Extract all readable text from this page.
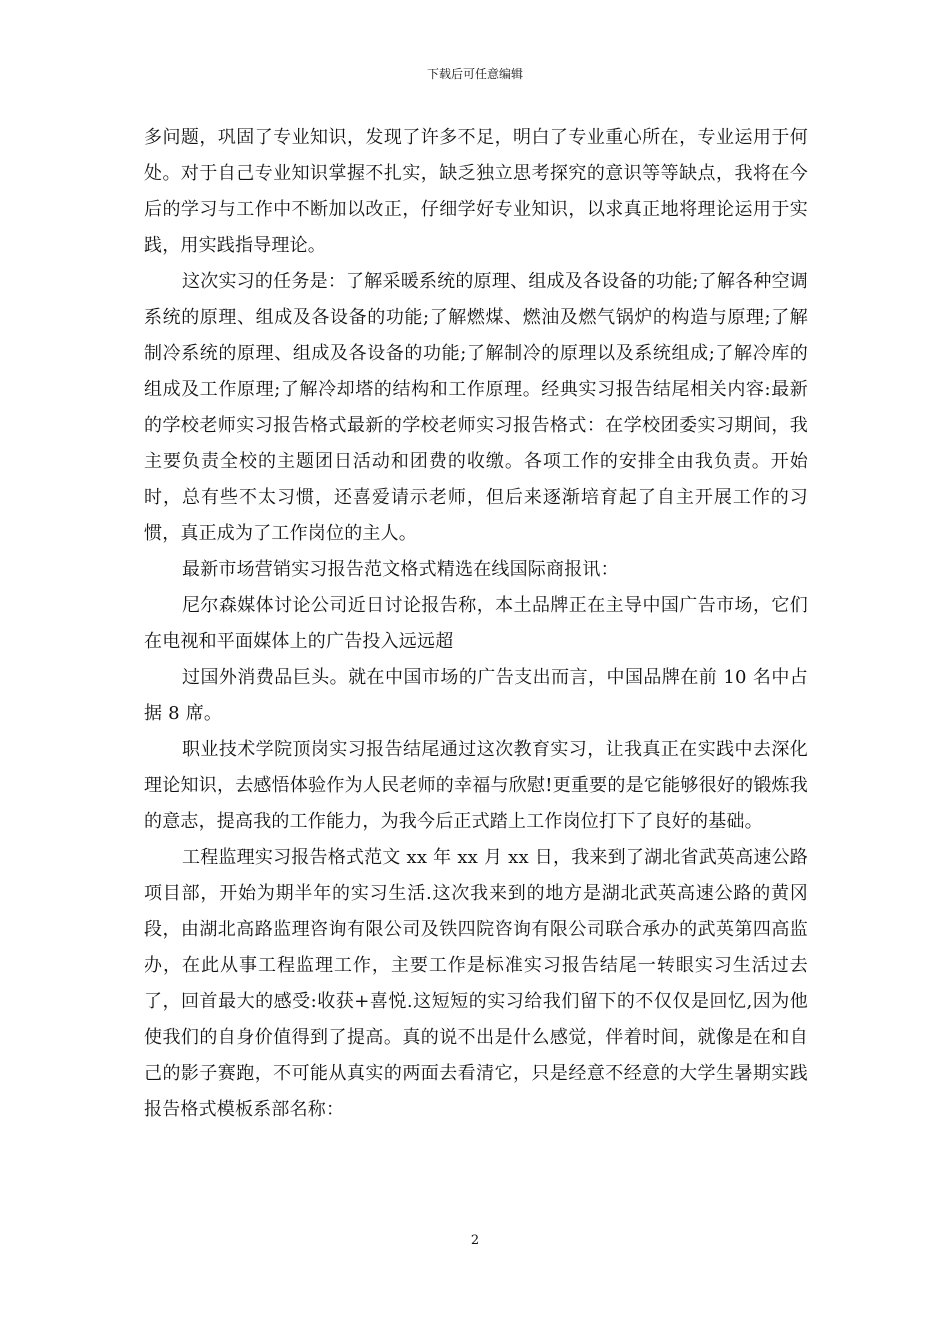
下载后可任意编辑

多问题，巩固了专业知识，发现了许多不足，明白了专业重心所在，专业运用于何处。对于自己专业知识掌握不扎实，缺乏独立思考探究的意识等等缺点，我将在今后的学习与工作中不断加以改正，仔细学好专业知识，以求真正地将理论运用于实践，用实践指导理论。

这次实习的任务是：了解采暖系统的原理、组成及各设备的功能;了解各种空调系统的原理、组成及各设备的功能;了解燃煤、燃油及燃气锅炉的构造与原理;了解制冷系统的原理、组成及各设备的功能;了解制冷的原理以及系统组成;了解冷库的组成及工作原理;了解冷却塔的结构和工作原理。经典实习报告结尾相关内容:最新的学校老师实习报告格式最新的学校老师实习报告格式：在学校团委实习期间，我主要负责全校的主题团日活动和团费的收缴。各项工作的安排全由我负责。开始时，总有些不太习惯，还喜爱请示老师，但后来逐渐培育起了自主开展工作的习惯，真正成为了工作岗位的主人。

最新市场营销实习报告范文格式精选在线国际商报讯：

尼尔森媒体讨论公司近日讨论报告称，本土品牌正在主导中国广告市场，它们在电视和平面媒体上的广告投入远远超

过国外消费品巨头。就在中国市场的广告支出而言，中国品牌在前 10 名中占据 8 席。

职业技术学院顶岗实习报告结尾通过这次教育实习，让我真正在实践中去深化理论知识，去感悟体验作为人民老师的幸福与欣慰!更重要的是它能够很好的锻炼我的意志，提高我的工作能力，为我今后正式踏上工作岗位打下了良好的基础。

工程监理实习报告格式范文 xx 年 xx 月 xx 日，我来到了湖北省武英高速公路项目部，开始为期半年的实习生活.这次我来到的地方是湖北武英高速公路的黄冈段，由湖北高路监理咨询有限公司及铁四院咨询有限公司联合承办的武英第四高监办，在此从事工程监理工作，主要工作是标准实习报告结尾一转眼实习生活过去了，回首最大的感受:收获+喜悦.这短短的实习给我们留下的不仅仅是回忆,因为他使我们的自身价值得到了提高。真的说不出是什么感觉，伴着时间，就像是在和自己的影子赛跑，不可能从真实的两面去看清它，只是经意不经意的大学生暑期实践报告格式模板系部名称：

2
